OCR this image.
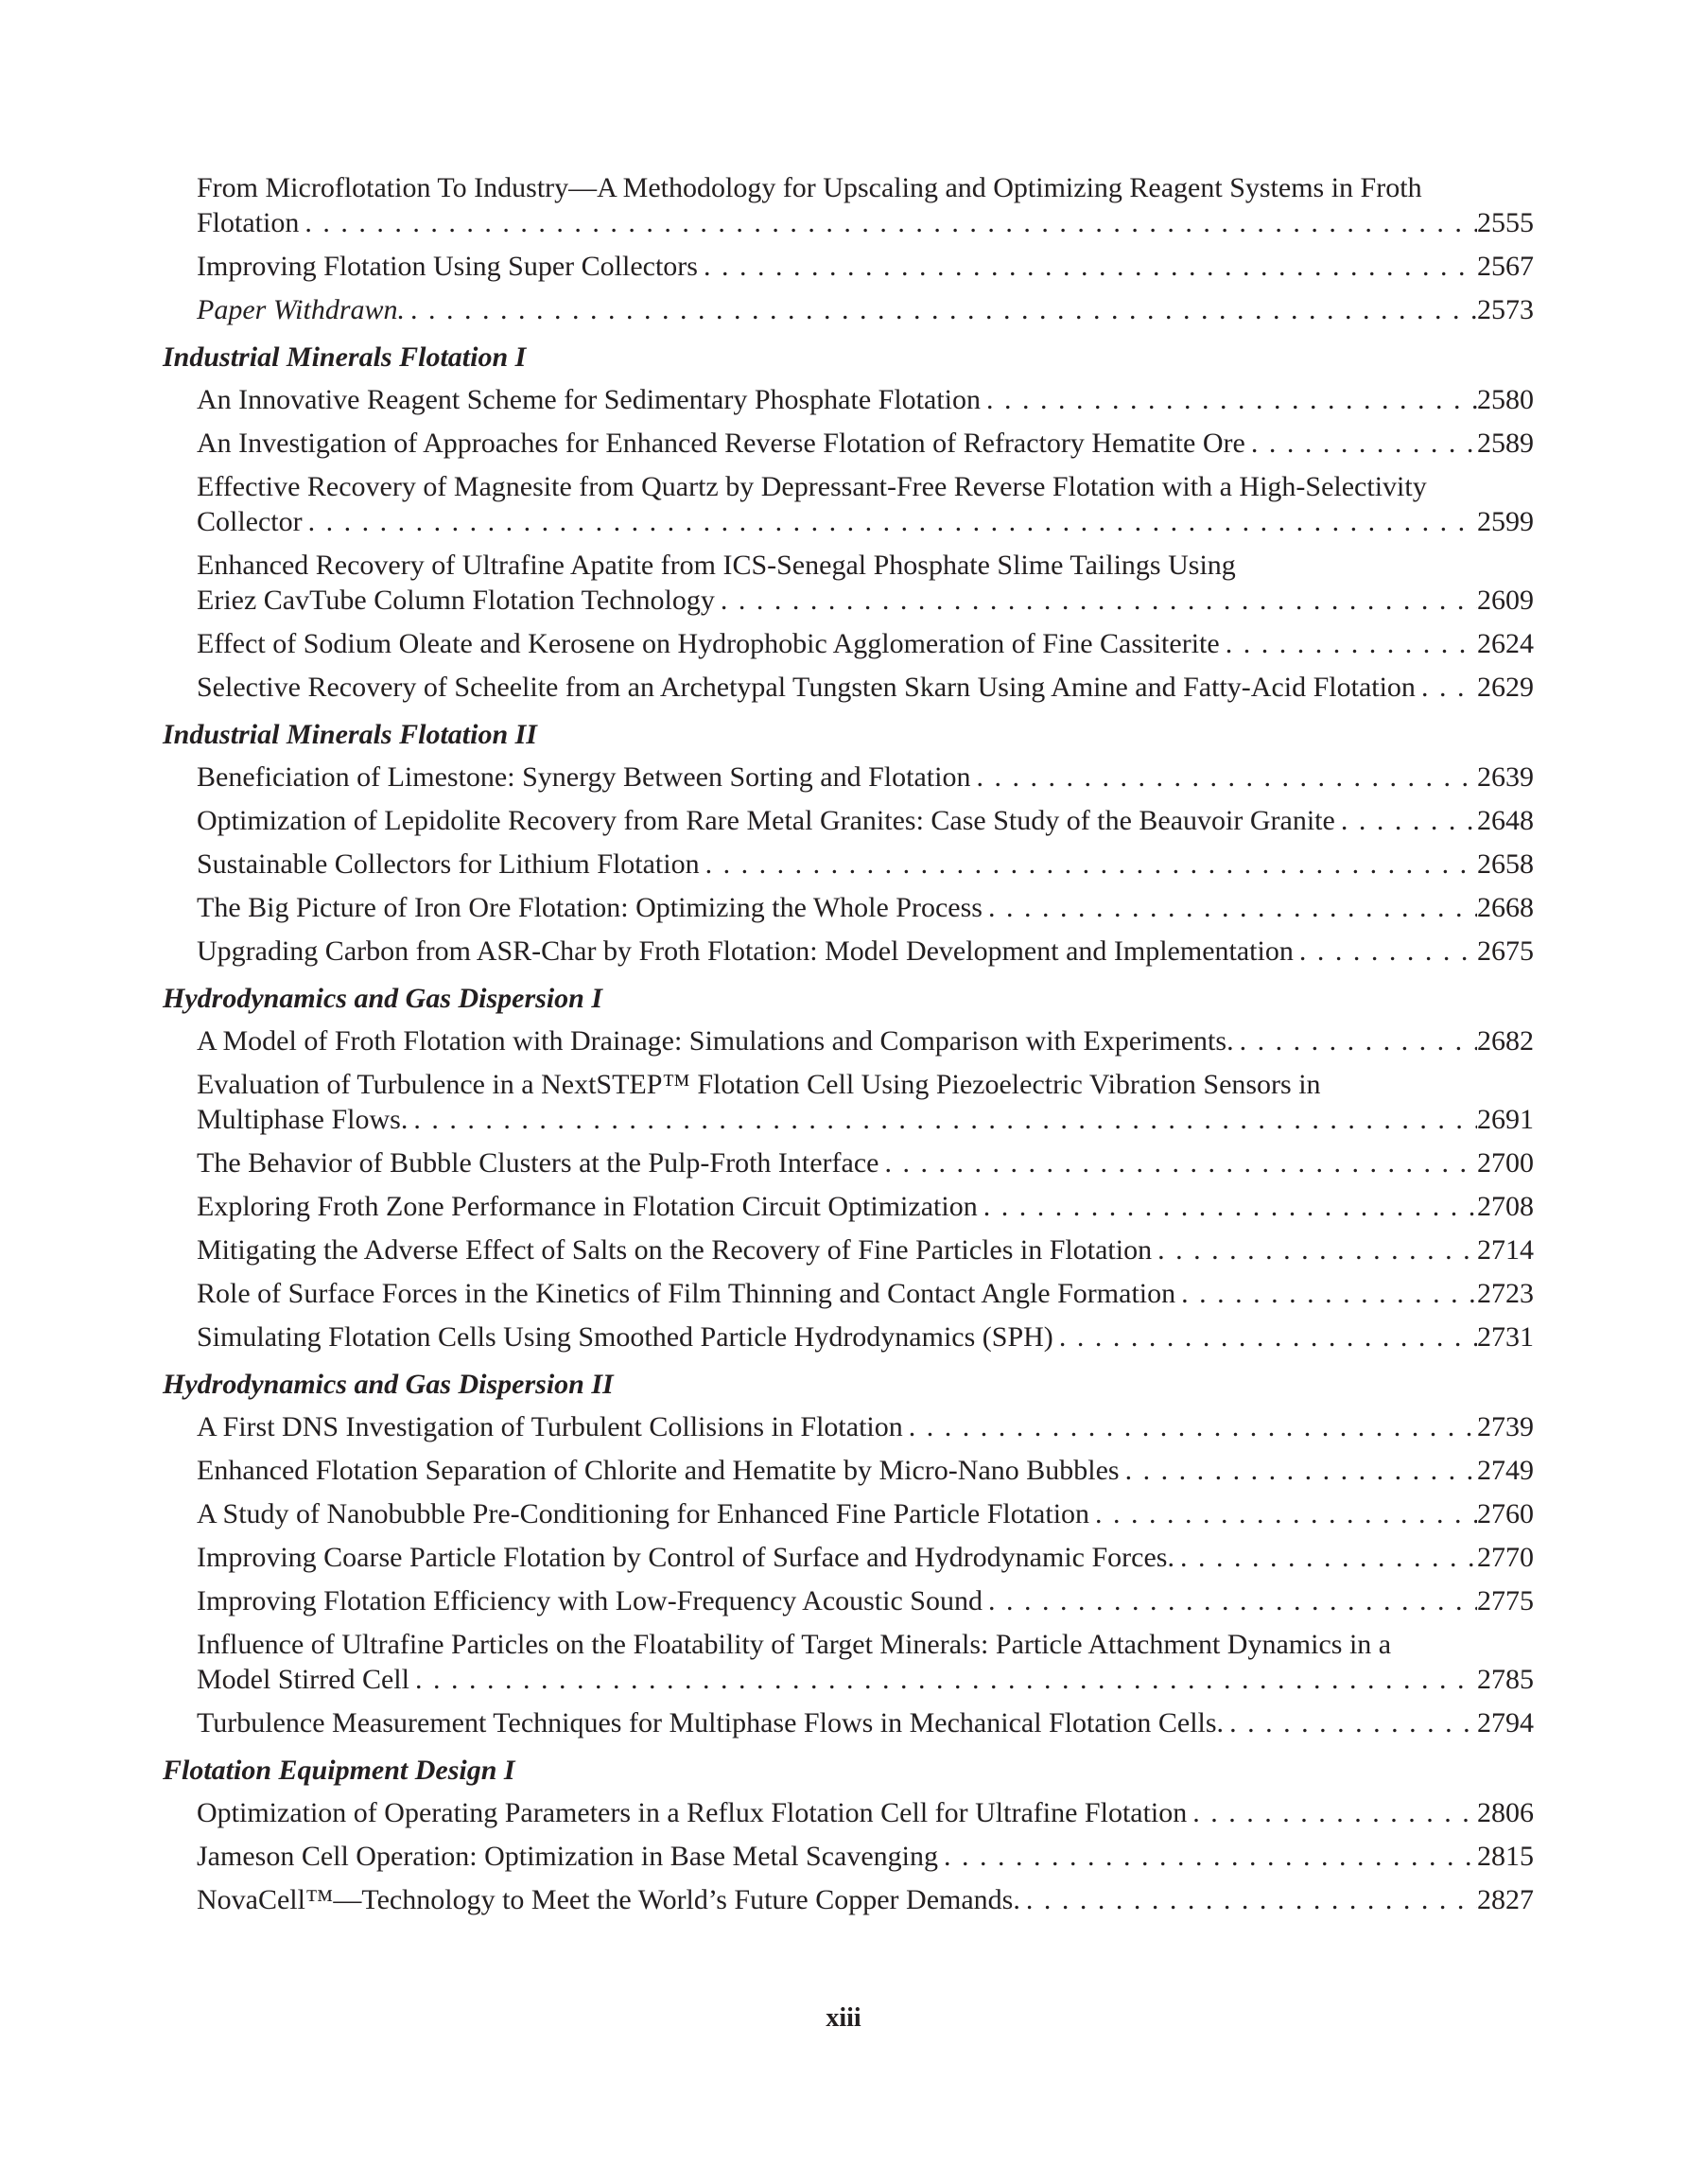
From Microflotation To Industry—A Methodology for Upscaling and Optimizing Reagent Systems in Froth
Flotation . . .	2555
Improving Flotation Using Super Collectors . . .	2567
Paper Withdrawn. . . .	2573
Industrial Minerals Flotation I
An Innovative Reagent Scheme for Sedimentary Phosphate Flotation . . .	2580
An Investigation of Approaches for Enhanced Reverse Flotation of Refractory Hematite Ore . . .	2589
Effective Recovery of Magnesite from Quartz by Depressant-Free Reverse Flotation with a High-Selectivity
Collector . . .	2599
Enhanced Recovery of Ultrafine Apatite from ICS-Senegal Phosphate Slime Tailings Using
Eriez CavTube Column Flotation Technology . . .	2609
Effect of Sodium Oleate and Kerosene on Hydrophobic Agglomeration of Fine Cassiterite . . .	2624
Selective Recovery of Scheelite from an Archetypal Tungsten Skarn Using Amine and Fatty-Acid Flotation . . . 2629
Industrial Minerals Flotation II
Beneficiation of Limestone: Synergy Between Sorting and Flotation . . .	2639
Optimization of Lepidolite Recovery from Rare Metal Granites: Case Study of the Beauvoir Granite . . .	2648
Sustainable Collectors for Lithium Flotation . . .	2658
The Big Picture of Iron Ore Flotation: Optimizing the Whole Process . . .	2668
Upgrading Carbon from ASR-Char by Froth Flotation: Model Development and Implementation . . .	2675
Hydrodynamics and Gas Dispersion I
A Model of Froth Flotation with Drainage: Simulations and Comparison with Experiments. . . .	2682
Evaluation of Turbulence in a NextSTEP™ Flotation Cell Using Piezoelectric Vibration Sensors in
Multiphase Flows. . . .	2691
The Behavior of Bubble Clusters at the Pulp-Froth Interface . . .	2700
Exploring Froth Zone Performance in Flotation Circuit Optimization . . .	2708
Mitigating the Adverse Effect of Salts on the Recovery of Fine Particles in Flotation . . .	2714
Role of Surface Forces in the Kinetics of Film Thinning and Contact Angle Formation . . .	2723
Simulating Flotation Cells Using Smoothed Particle Hydrodynamics (SPH) . . .	2731
Hydrodynamics and Gas Dispersion II
A First DNS Investigation of Turbulent Collisions in Flotation . . .	2739
Enhanced Flotation Separation of Chlorite and Hematite by Micro-Nano Bubbles . . .	2749
A Study of Nanobubble Pre-Conditioning for Enhanced Fine Particle Flotation . . .	2760
Improving Coarse Particle Flotation by Control of Surface and Hydrodynamic Forces. . . .	2770
Improving Flotation Efficiency with Low-Frequency Acoustic Sound . . .	2775
Influence of Ultrafine Particles on the Floatability of Target Minerals: Particle Attachment Dynamics in a
Model Stirred Cell . . .	2785
Turbulence Measurement Techniques for Multiphase Flows in Mechanical Flotation Cells. . . .	2794
Flotation Equipment Design I
Optimization of Operating Parameters in a Reflux Flotation Cell for Ultrafine Flotation . . .	2806
Jameson Cell Operation: Optimization in Base Metal Scavenging . . .	2815
NovaCell™—Technology to Meet the World’s Future Copper Demands. . . .	2827
xiii
